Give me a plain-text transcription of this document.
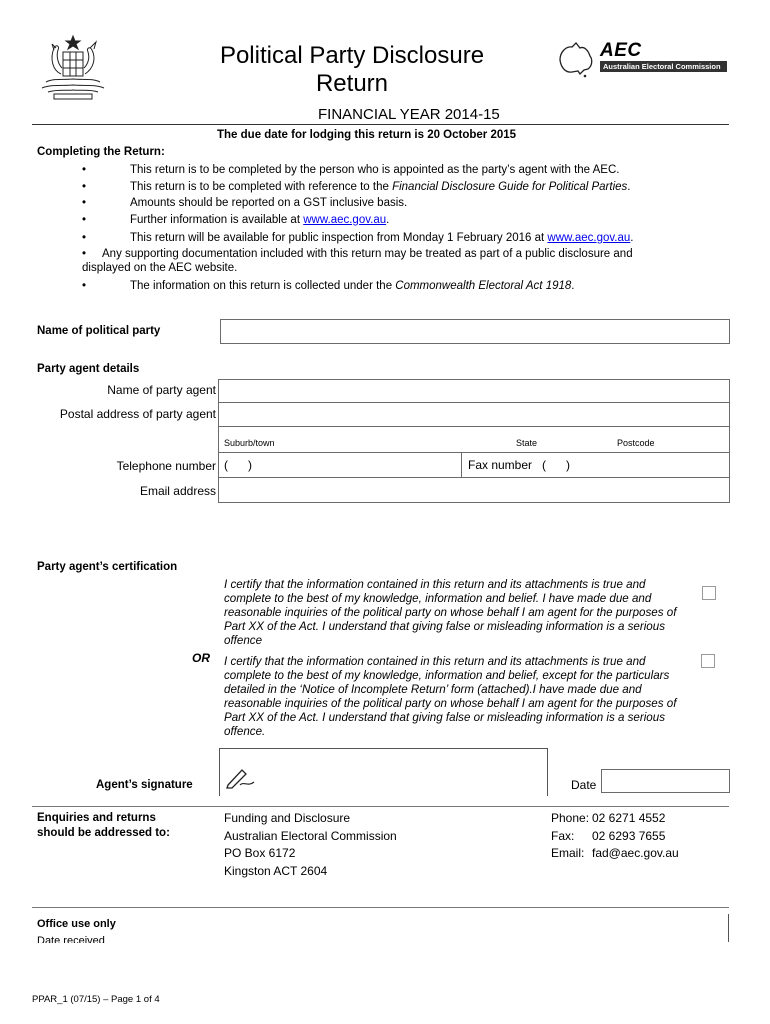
Political Party Disclosure
Return
AEC
Australian Electoral Commission
FINANCIAL YEAR 2014-15
The due date for lodging this return is 20 October 2015
Completing the Return:
•	This return is to be completed by the person who is appointed as the party’s agent with the AEC.
•	This return is to be completed with reference to the Financial Disclosure Guide for Political Parties.
•	Amounts should be reported on a GST inclusive basis.
•	Further information is available at www.aec.gov.au.
•	This return will be available for public inspection from Monday 1 February 2016 at www.aec.gov.au.
• Any supporting documentation included with this return may be treated as part of a public disclosure and
displayed on the AEC website.
•	The information on this return is collected under the Commonwealth Electoral Act 1918.
Name of political party
Party agent details
Name of party agent
Postal address of party agent
Suburb/town	State	Postcode
Telephone number (      )	Fax number (      )
Email address
Party agent’s certification
I certify that the information contained in this return and its attachments is true and complete to the best of my knowledge, information and belief. I have made due and reasonable inquiries of the political party on whose behalf I am agent for the purposes of Part XX of the Act. I understand that giving false or misleading information is a serious offence
OR I certify that the information contained in this return and its attachments is true and complete to the best of my knowledge, information and belief, except for the particulars detailed in the ‘Notice of Incomplete Return’ form (attached).I have made due and reasonable inquiries of the political party on whose behalf I am agent for the purposes of Part XX of the Act. I understand that giving false or misleading information is a serious offence.
Agent’s signature	Date
Enquiries and returns
should be addressed to:
Funding and Disclosure
Australian Electoral Commission
PO Box 6172
Kingston ACT 2604
Phone: 02 6271 4552
Fax: 02 6293 7655
Email: fad@aec.gov.au
Office use only
Date received
PPAR_1 (07/15) – Page 1 of 4
